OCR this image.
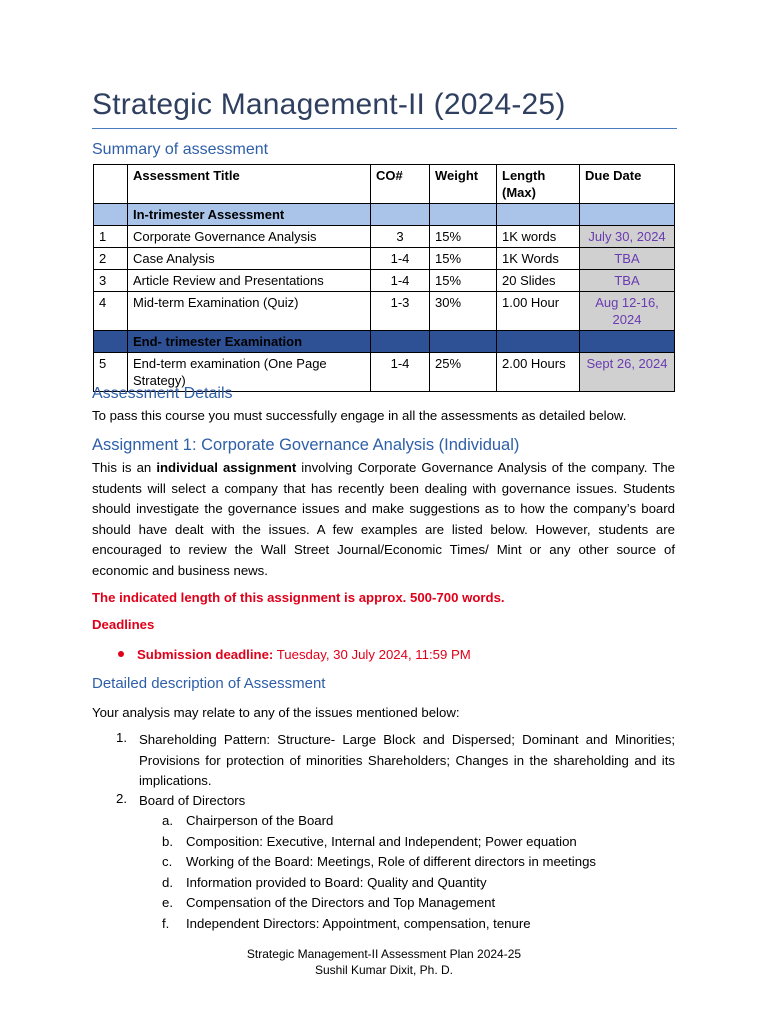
Strategic Management-II (2024-25)
Summary of assessment
	Assessment Title	CO#	Weight	Length (Max)	Due Date
	In-trimester Assessment				
1	Corporate Governance Analysis	3	15%	1K words	July 30, 2024
2	Case Analysis	1-4	15%	1K Words	TBA
3	Article Review and Presentations	1-4	15%	20 Slides	TBA
4	Mid-term Examination (Quiz)	1-3	30%	1.00 Hour	Aug 12-16, 2024
	End- trimester Examination				
5	End-term examination (One Page Strategy)	1-4	25%	2.00 Hours	Sept 26, 2024
Assessment Details
To pass this course you must successfully engage in all the assessments as detailed below.
Assignment 1: Corporate Governance Analysis (Individual)
This is an individual assignment involving Corporate Governance Analysis of the company. The students will select a company that has recently been dealing with governance issues. Students should investigate the governance issues and make suggestions as to how the company’s board should have dealt with the issues. A few examples are listed below. However, students are encouraged to review the Wall Street Journal/Economic Times/ Mint or any other source of economic and business news.
The indicated length of this assignment is approx. 500-700 words.
Deadlines
Submission deadline: Tuesday, 30 July 2024, 11:59 PM
Detailed description of Assessment
Your analysis may relate to any of the issues mentioned below:
1. Shareholding Pattern: Structure- Large Block and Dispersed; Dominant and Minorities; Provisions for protection of minorities Shareholders; Changes in the shareholding and its implications.
2. Board of Directors
a. Chairperson of the Board
b. Composition: Executive, Internal and Independent; Power equation
c. Working of the Board: Meetings, Role of different directors in meetings
d. Information provided to Board: Quality and Quantity
e. Compensation of the Directors and Top Management
f. Independent Directors: Appointment, compensation, tenure
Strategic Management-II Assessment Plan 2024-25
Sushil Kumar Dixit, Ph. D.
